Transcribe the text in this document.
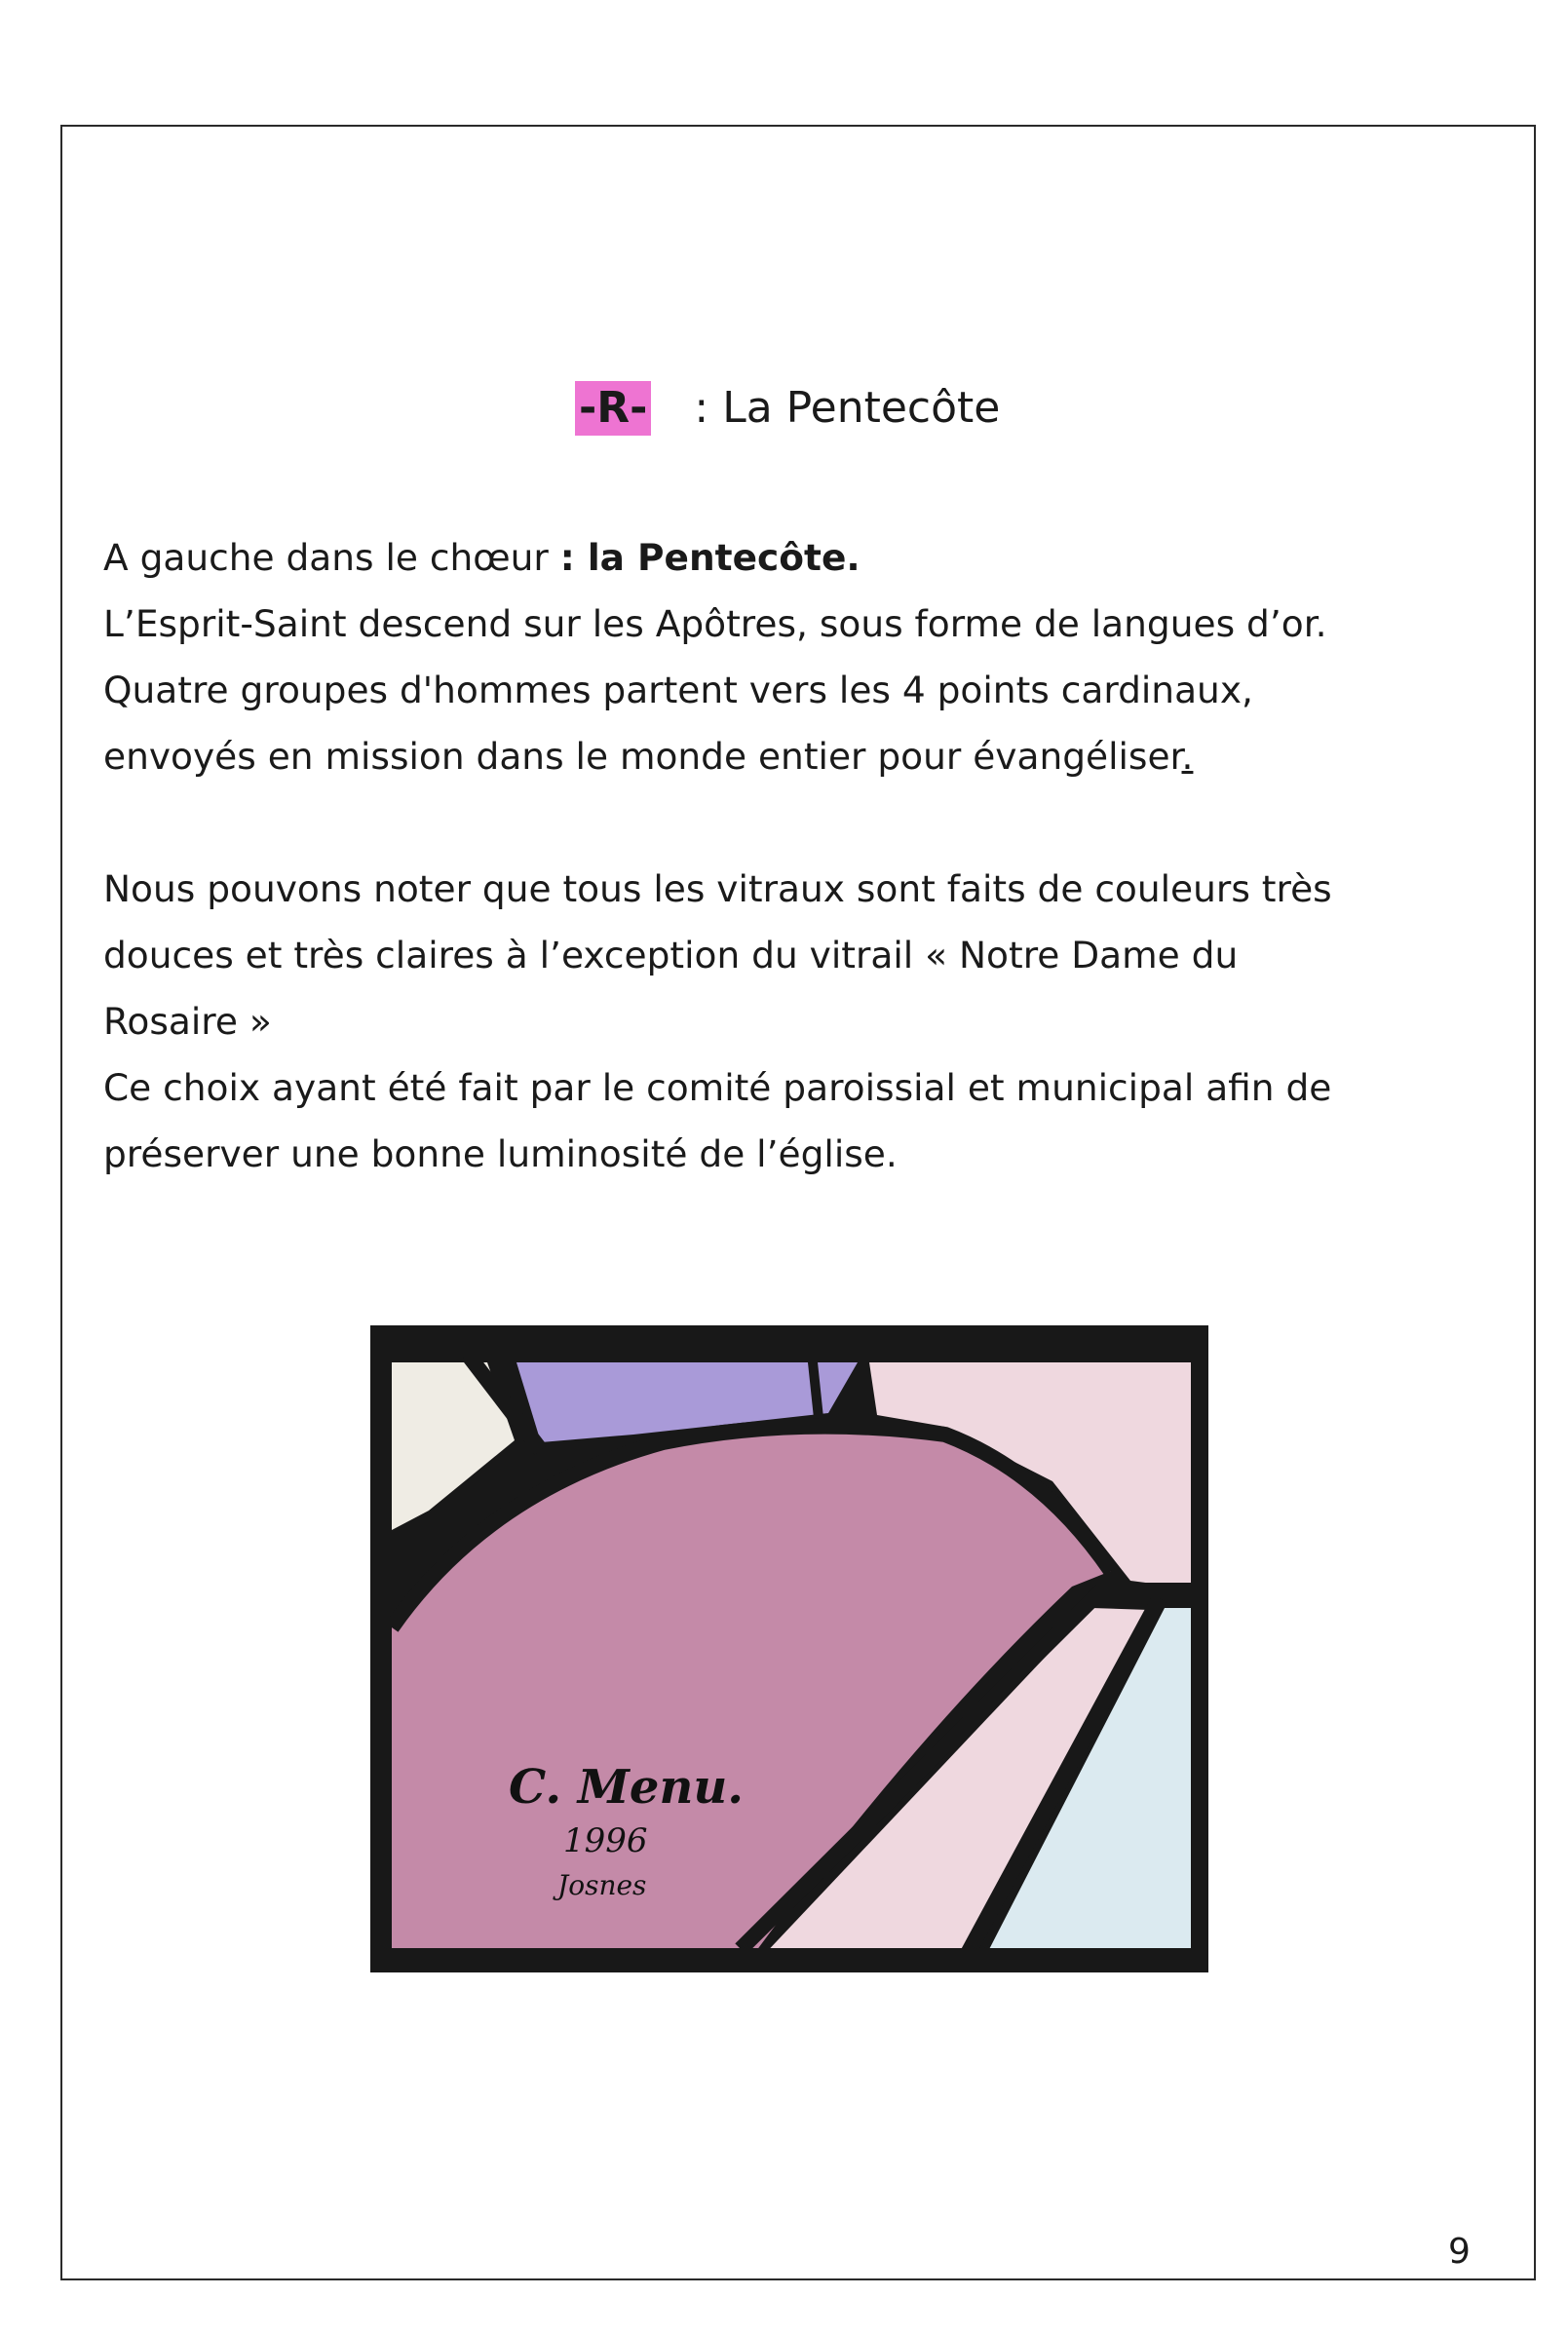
-R- : La Pentecôte
A gauche dans le chœur : la Pentecôte.
L’Esprit-Saint descend sur les Apôtres, sous forme de langues d’or.
Quatre groupes d'hommes partent vers les 4 points cardinaux,
envoyés en mission dans le monde entier pour évangéliser.
Nous pouvons noter que tous les vitraux sont faits de couleurs très
douces et très claires à l’exception du vitrail « Notre Dame du
Rosaire »
Ce choix ayant été fait par le comité paroissial et municipal afin de
préserver une bonne luminosité de l’église.
C. Menu.
1996
Josnes
9
